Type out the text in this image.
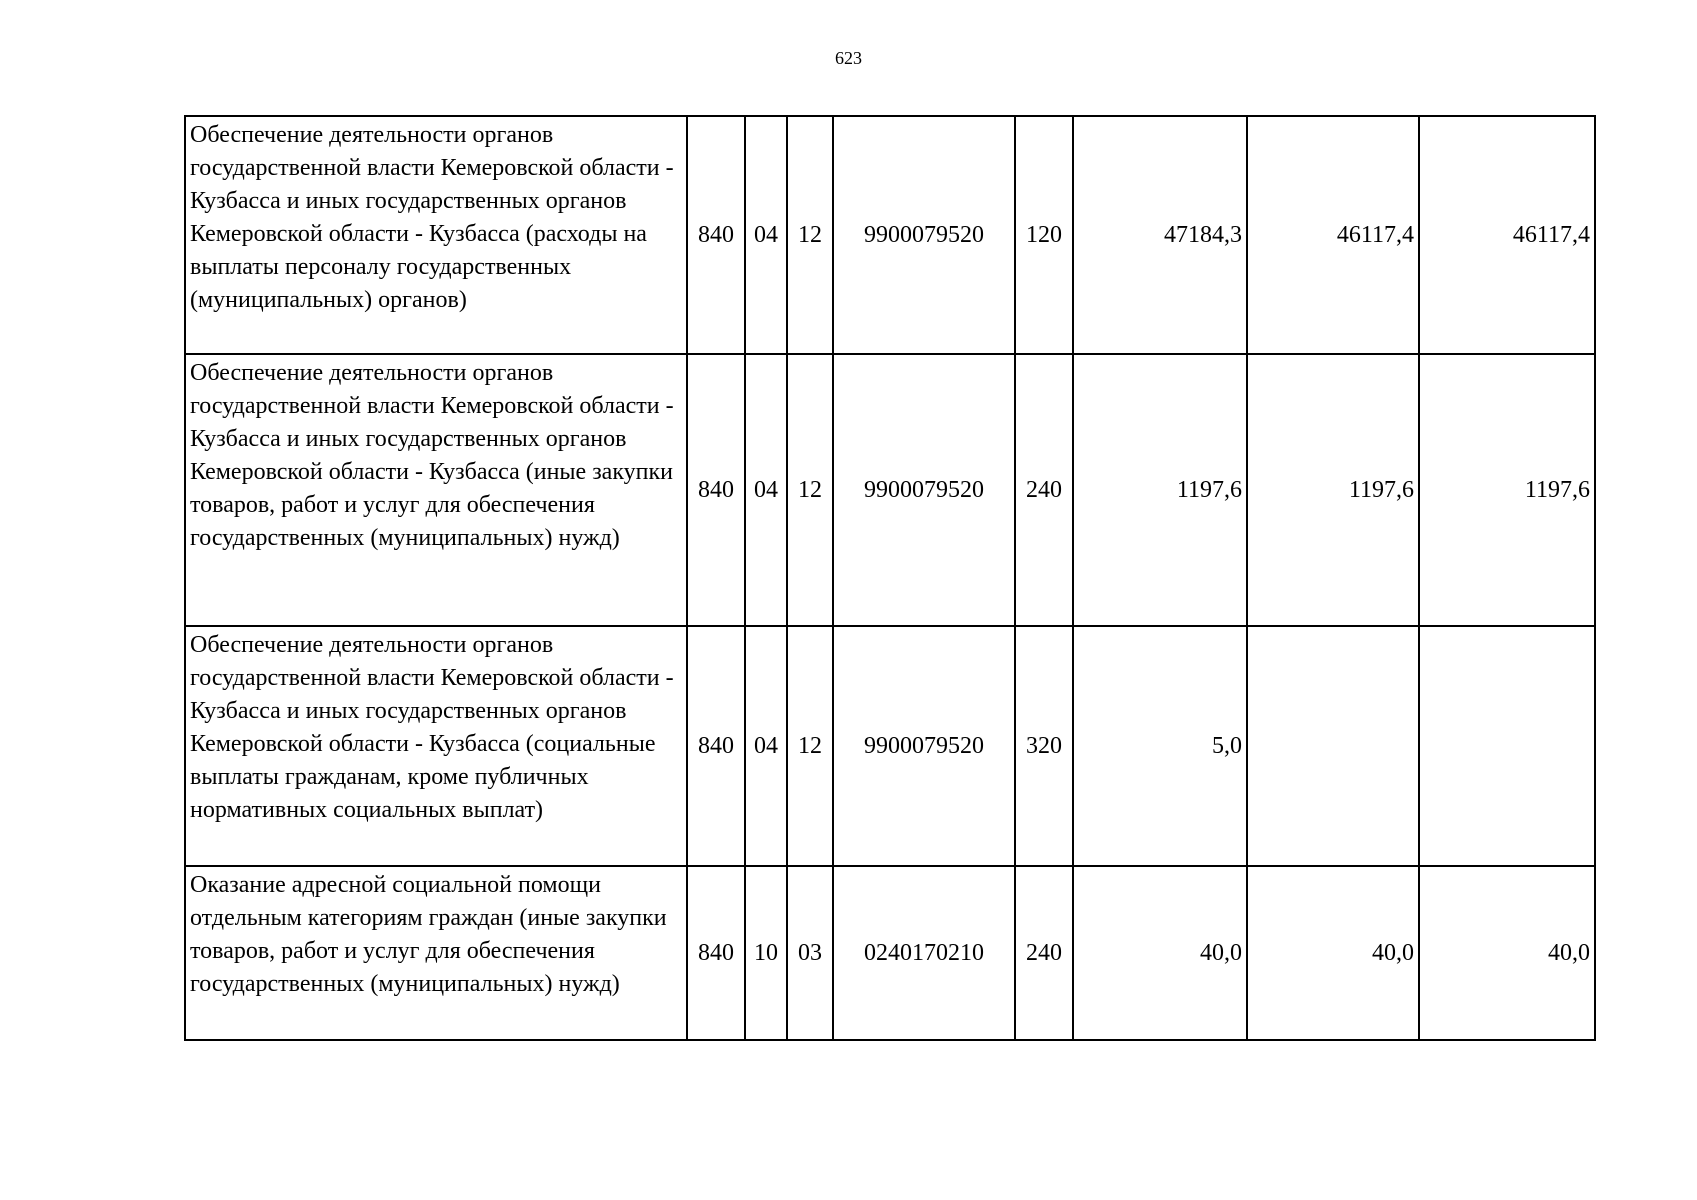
623
Обеспечение деятельности органов государственной власти Кемеровской области - Кузбасса и иных государственных органов Кемеровской области - Кузбасса (расходы на выплаты персоналу государственных (муниципальных) органов)	840	04	12	9900079520	120	47184,3	46117,4	46117,4
Обеспечение деятельности органов государственной власти Кемеровской области - Кузбасса и иных государственных органов Кемеровской области - Кузбасса (иные закупки товаров, работ и услуг для обеспечения государственных (муниципальных) нужд)	840	04	12	9900079520	240	1197,6	1197,6	1197,6
Обеспечение деятельности органов государственной власти Кемеровской области - Кузбасса и иных государственных органов Кемеровской области - Кузбасса (социальные выплаты гражданам, кроме публичных нормативных социальных выплат)	840	04	12	9900079520	320	5,0		
Оказание адресной социальной помощи отдельным категориям граждан (иные закупки товаров, работ и услуг для обеспечения государственных (муниципальных) нужд)	840	10	03	0240170210	240	40,0	40,0	40,0
